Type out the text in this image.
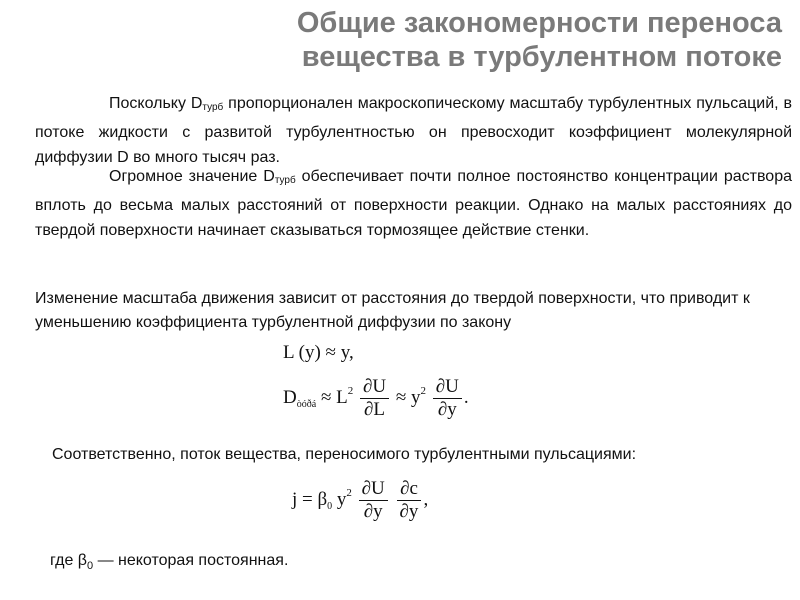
Общие закономерности переноса
вещества в турбулентном потоке

Поскольку $D_{турб}$ пропорционален макроскопическому масштабу турбулентных пульсаций, в потоке жидкости с развитой турбулентностью он превосходит коэффициент молекулярной диффузии D во много тысяч раз.

Огромное значение $D_{турб}$ обеспечивает почти полное постоянство концентрации раствора вплоть до весьма малых расстояний от поверхности реакции. Однако на малых расстояниях до твердой поверхности начинает сказываться тормозящее действие стенки.

Изменение масштаба движения зависит от расстояния до твердой поверхности, что приводит к уменьшению коэффициента турбулентной диффузии по закону

L (y) ≈ y,
$D_{òóðá} \approx L^2 \frac{\partial U}{\partial L} \approx y^2 \frac{\partial U}{\partial y}$ .
Соответственно, поток вещества, переносимого турбулентными пульсациями:
$j = \beta_0$ $y^2 \frac{\partial U}{\partial y}$
$\frac{\partial c}{\partial y}$ ,
где $\beta_0$ — некоторая постоянная.
